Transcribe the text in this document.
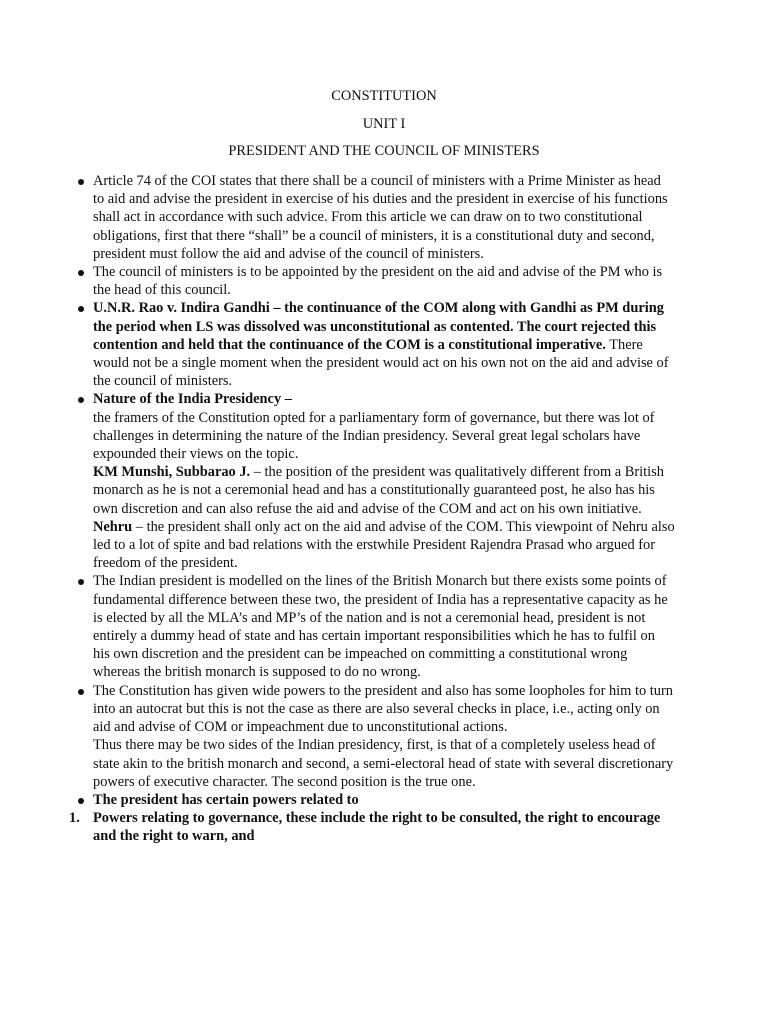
CONSTITUTION
UNIT I
PRESIDENT AND THE COUNCIL OF MINISTERS

Article 74 of the COI states that there shall be a council of ministers with a Prime Minister as head to aid and advise the president in exercise of his duties and the president in exercise of his functions shall act in accordance with such advice. From this article we can draw on to two constitutional obligations, first that there “shall” be a council of ministers, it is a constitutional duty and second, president must follow the aid and advise of the council of ministers.

The council of ministers is to be appointed by the president on the aid and advise of the PM who is the head of this council.

U.N.R. Rao v. Indira Gandhi – the continuance of the COM along with Gandhi as PM during the period when LS was dissolved was unconstitutional as contented. The court rejected this contention and held that the continuance of the COM is a constitutional imperative. There would not be a single moment when the president would act on his own not on the aid and advise of the council of ministers.

Nature of the India Presidency –

the framers of the Constitution opted for a parliamentary form of governance, but there was lot of challenges in determining the nature of the Indian presidency. Several great legal scholars have expounded their views on the topic.

KM Munshi, Subbarao J. – the position of the president was qualitatively different from a British monarch as he is not a ceremonial head and has a constitutionally guaranteed post, he also has his own discretion and can also refuse the aid and advise of the COM and act on his own initiative.

Nehru – the president shall only act on the aid and advise of the COM. This viewpoint of Nehru also led to a lot of spite and bad relations with the erstwhile President Rajendra Prasad who argued for freedom of the president.

The Indian president is modelled on the lines of the British Monarch but there exists some points of fundamental difference between these two, the president of India has a representative capacity as he is elected by all the MLA’s and MP’s of the nation and is not a ceremonial head, president is not entirely a dummy head of state and has certain important responsibilities which he has to fulfil on his own discretion and the president can be impeached on committing a constitutional wrong whereas the british monarch is supposed to do no wrong.

The Constitution has given wide powers to the president and also has some loopholes for him to turn into an autocrat but this is not the case as there are also several checks in place, i.e., acting only on aid and advise of COM or impeachment due to unconstitutional actions.

Thus there may be two sides of the Indian presidency, first, is that of a completely useless head of state akin to the british monarch and second, a semi-electoral head of state with several discretionary powers of executive character. The second position is the true one.

The president has certain powers related to

1. Powers relating to governance, these include the right to be consulted, the right to encourage and the right to warn, and
